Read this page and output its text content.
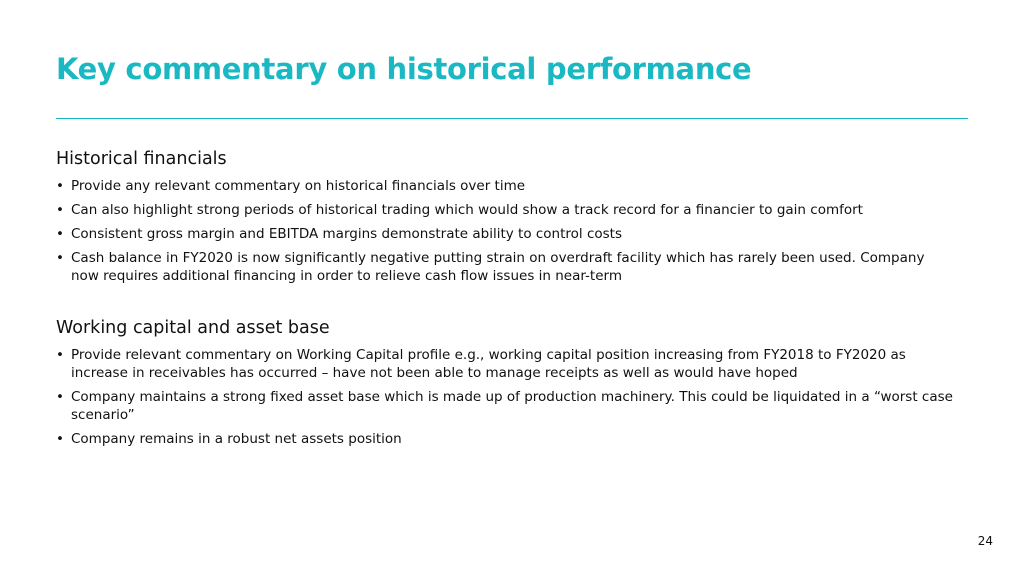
Key commentary on historical performance
Historical financials
• Provide any relevant commentary on historical financials over time
• Can also highlight strong periods of historical trading which would show a track record for a financier to gain comfort
• Consistent gross margin and EBITDA margins demonstrate ability to control costs
• Cash balance in FY2020 is now significantly negative putting strain on overdraft facility which has rarely been used. Company now requires additional financing in order to relieve cash flow issues in near-term
Working capital and asset base
• Provide relevant commentary on Working Capital profile e.g., working capital position increasing from FY2018 to FY2020 as increase in receivables has occurred – have not been able to manage receipts as well as would have hoped
• Company maintains a strong fixed asset base which is made up of production machinery. This could be liquidated in a “worst case scenario”
• Company remains in a robust net assets position
24
